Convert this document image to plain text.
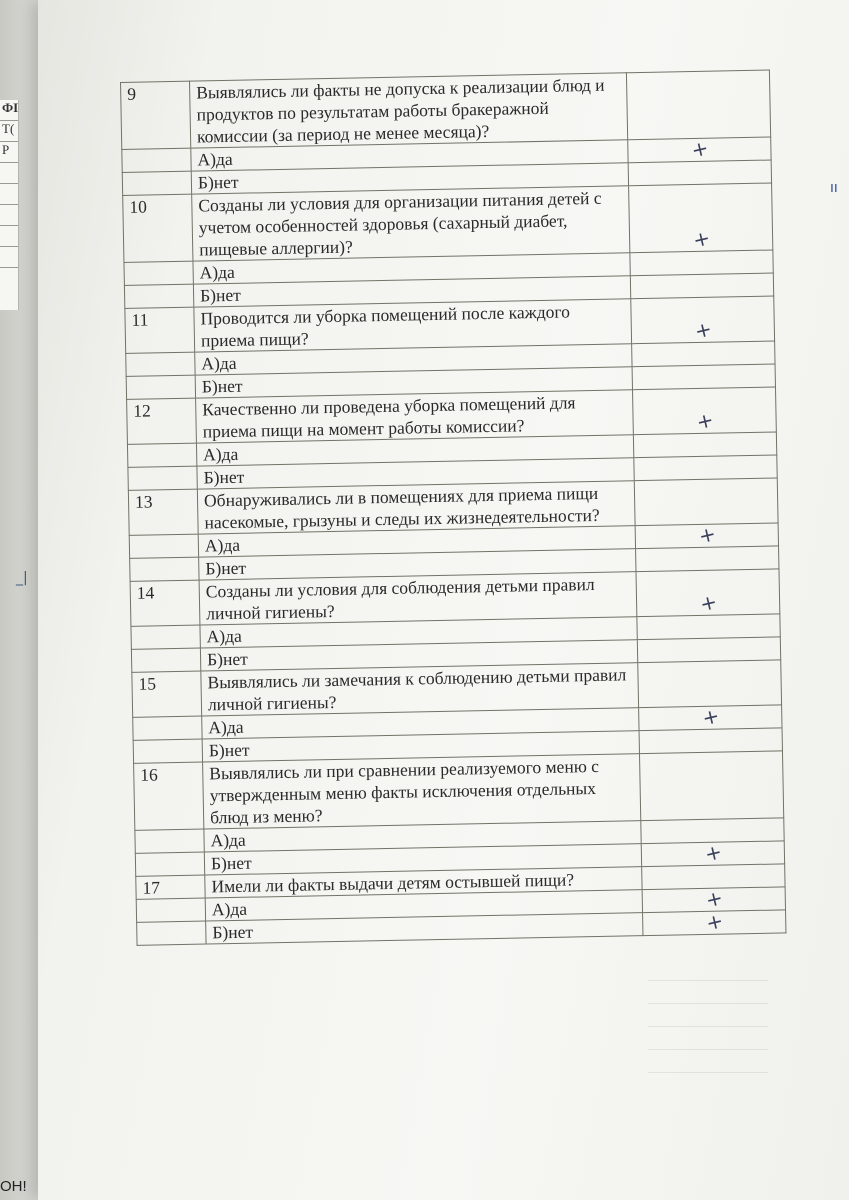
ФІ
Т(
Р
ОН!
ıı
_|
9	Выявлялись ли факты не допуска к реализации блюд и продуктов по результатам работы бракеражной комиссии (за период не менее месяца)?	
	А)да	+
	Б)нет	
10	Созданы ли условия для организации питания детей с учетом особенностей здоровья (сахарный диабет, пищевые аллергии)?	+
	А)да	
	Б)нет	
11	Проводится ли уборка помещений после каждого приема пищи?	+
	А)да	
	Б)нет	
12	Качественно ли проведена уборка помещений для приема пищи на момент работы комиссии?	+
	А)да	
	Б)нет	
13	Обнаруживались ли в помещениях для приема пищи насекомые, грызуны и следы их жизнедеятельности?	
	А)да	+
	Б)нет	
14	Созданы ли условия для соблюдения детьми правил личной гигиены?	+
	А)да	
	Б)нет	
15	Выявлялись ли замечания к соблюдению детьми правил личной гигиены?	
	А)да	+
	Б)нет	
16	Выявлялись ли при сравнении реализуемого меню с утвержденным меню факты исключения отдельных блюд из меню?	
	А)да	
	Б)нет	+
17	Имели ли факты выдачи детям остывшей пищи?	
	А)да	+
	Б)нет	+
